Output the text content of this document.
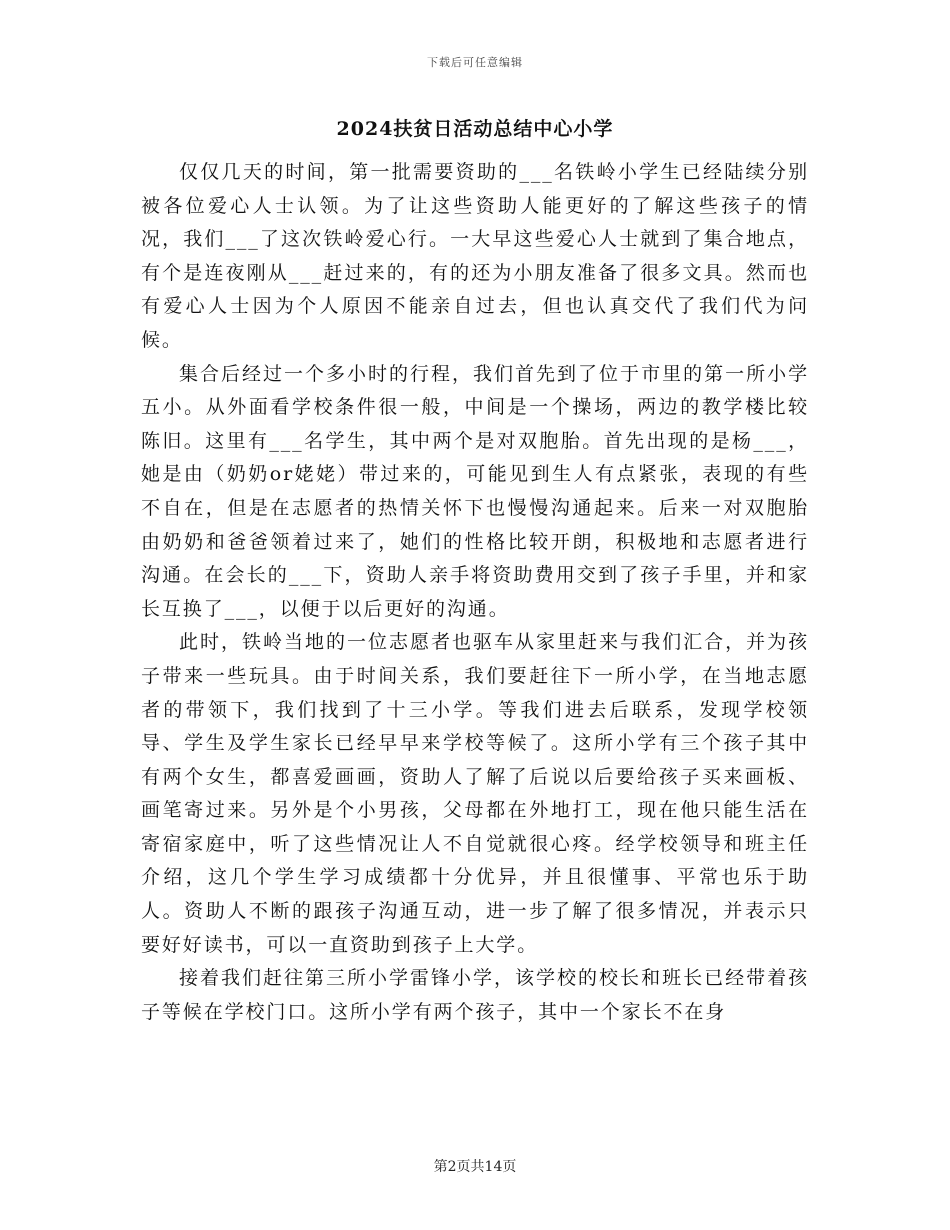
下载后可任意编辑
2024扶贫日活动总结中心小学

仅仅几天的时间，第一批需要资助的___名铁岭小学生已经陆续分别被各位爱心人士认领。为了让这些资助人能更好的了解这些孩子的情况，我们___了这次铁岭爱心行。一大早这些爱心人士就到了集合地点，有个是连夜刚从___赶过来的，有的还为小朋友准备了很多文具。然而也有爱心人士因为个人原因不能亲自过去，但也认真交代了我们代为问候。

集合后经过一个多小时的行程，我们首先到了位于市里的第一所小学五小。从外面看学校条件很一般，中间是一个操场，两边的教学楼比较陈旧。这里有___名学生，其中两个是对双胞胎。首先出现的是杨___，她是由（奶奶or姥姥）带过来的，可能见到生人有点紧张，表现的有些不自在，但是在志愿者的热情关怀下也慢慢沟通起来。后来一对双胞胎由奶奶和爸爸领着过来了，她们的性格比较开朗，积极地和志愿者进行沟通。在会长的___下，资助人亲手将资助费用交到了孩子手里，并和家长互换了___，以便于以后更好的沟通。

此时，铁岭当地的一位志愿者也驱车从家里赶来与我们汇合，并为孩子带来一些玩具。由于时间关系，我们要赶往下一所小学，在当地志愿者的带领下，我们找到了十三小学。等我们进去后联系，发现学校领导、学生及学生家长已经早早来学校等候了。这所小学有三个孩子其中有两个女生，都喜爱画画，资助人了解了后说以后要给孩子买来画板、画笔寄过来。另外是个小男孩，父母都在外地打工，现在他只能生活在寄宿家庭中，听了这些情况让人不自觉就很心疼。经学校领导和班主任介绍，这几个学生学习成绩都十分优异，并且很懂事、平常也乐于助人。资助人不断的跟孩子沟通互动，进一步了解了很多情况，并表示只要好好读书，可以一直资助到孩子上大学。

接着我们赶往第三所小学雷锋小学，该学校的校长和班长已经带着孩子等候在学校门口。这所小学有两个孩子，其中一个家长不在身

第2页共14页
